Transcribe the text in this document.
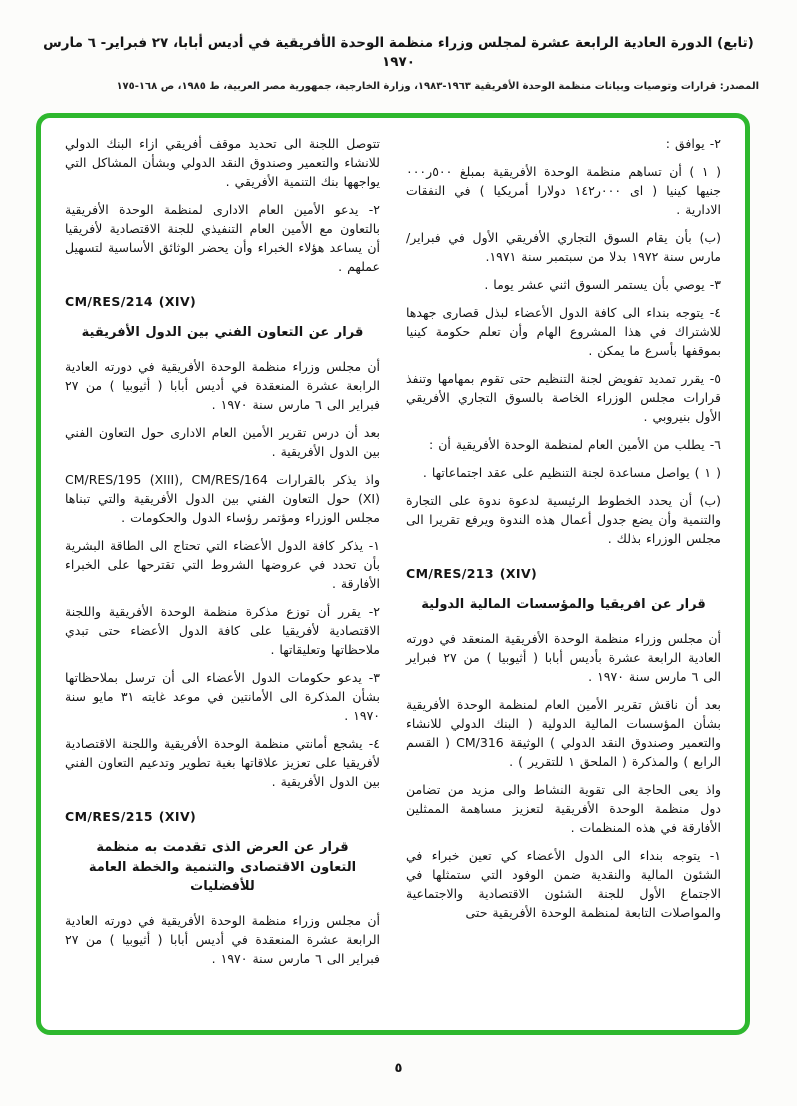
(تابع) الدورة العادية الرابعة عشرة لمجلس وزراء منظمة الوحدة الأفريقية في أديس أبابا، ٢٧ فبراير- ٦ مارس ١٩٧٠
المصدر: قرارات وتوصيات وبيانات منظمة الوحدة الأفريقية ١٩٦٣-١٩٨٣، وزارة الخارجية، جمهورية مصر العربية، ط ١٩٨٥، ص ١٦٨-١٧٥
٢- يوافق :
( ١ ) أن تساهم منظمة الوحدة الأفريقية بمبلغ ٥٠٠ر٠٠٠ جنيها كينيا ( اى ٠٠٠ر١٤٢ دولارا أمريكيا ) في النفقات الادارية .
(ب) بأن يقام السوق التجاري الأفريقي الأول في فبراير/ مارس سنة ١٩٧٢ بدلا من سبتمبر سنة ١٩٧١.
٣- يوصي بأن يستمر السوق اثني عشر يوما .
٤- يتوجه بنداء الى كافة الدول الأعضاء لبذل قصارى جهدها للاشتراك في هذا المشروع الهام وأن تعلم حكومة كينيا بموقفها بأسرع ما يمكن .
٥- يقرر تمديد تفويض لجنة التنظيم حتى تقوم بمهامها وتنفذ قرارات مجلس الوزراء الخاصة بالسوق التجاري الأفريقي الأول بنيروبي .
٦- يطلب من الأمين العام لمنظمة الوحدة الأفريقية أن :
( ١ ) يواصل مساعدة لجنة التنظيم على عقد اجتماعاتها .
(ب) أن يحدد الخطوط الرئيسية لدعوة ندوة على التجارة والتنمية وأن يضع جدول أعمال هذه الندوة ويرفع تقريرا الى مجلس الوزراء بذلك .
CM/RES/213 (XIV)
قرار عن افريقيا والمؤسسات المالية الدولية
أن مجلس وزراء منظمة الوحدة الأفريقية المنعقد في دورته العادية الرابعة عشرة بأديس أبابا ( أثيوبيا ) من ٢٧ فبراير الى ٦ مارس سنة ١٩٧٠ .
بعد أن ناقش تقرير الأمين العام لمنظمة الوحدة الأفريقية بشأن المؤسسات المالية الدولية ( البنك الدولي للانشاء والتعمير وصندوق النقد الدولي ) الوثيقة CM/316 ( القسم الرابع ) والمذكرة ( الملحق ١ للتقرير ) .
واذ يعى الحاجة الى تقوية النشاط والى مزيد من تضامن دول منظمة الوحدة الأفريقية لتعزيز مساهمة الممثلين الأفارقة في هذه المنظمات .
١- يتوجه بنداء الى الدول الأعضاء كي تعين خبراء في الشئون المالية والنقدية ضمن الوفود التي ستمثلها في الاجتماع الأول للجنة الشئون الاقتصادية والاجتماعية والمواصلات التابعة لمنظمة الوحدة الأفريقية حتى
تتوصل اللجنة الى تحديد موقف أفريقي ازاء البنك الدولي للانشاء والتعمير وصندوق النقد الدولي وبشأن المشاكل التي يواجهها بنك التنمية الأفريقي .
٢- يدعو الأمين العام الادارى لمنظمة الوحدة الأفريقية بالتعاون مع الأمين العام التنفيذي للجنة الاقتصادية لأفريقيا أن يساعد هؤلاء الخبراء وأن يحضر الوثائق الأساسية لتسهيل عملهم .
CM/RES/214 (XIV)
قرار عن التعاون الفني بين الدول الأفريقية
أن مجلس وزراء منظمة الوحدة الأفريقية في دورته العادية الرابعة عشرة المنعقدة في أديس أبابا ( أثيوبيا ) من ٢٧ فبراير الى ٦ مارس سنة ١٩٧٠ .
بعد أن درس تقرير الأمين العام الادارى حول التعاون الفني بين الدول الأفريقية .
واذ يذكر بالقرارات ‪CM/RES/195 (XIII),‬ ‪CM/RES/164 (XI)‬ حول التعاون الفني بين الدول الأفريقية والتي تبناها مجلس الوزراء ومؤتمر رؤساء الدول والحكومات .
١- يذكر كافة الدول الأعضاء التي تحتاج الى الطاقة البشرية بأن تحدد في عروضها الشروط التي تقترحها على الخبراء الأفارقة .
٢- يقرر أن توزع مذكرة منظمة الوحدة الأفريقية واللجنة الاقتصادية لأفريقيا على كافة الدول الأعضاء حتى تبدي ملاحظاتها وتعليقاتها .
٣- يدعو حكومات الدول الأعضاء الى أن ترسل بملاحظاتها بشأن المذكرة الى الأمانتين في موعد غايته ٣١ مايو سنة ١٩٧٠ .
٤- يشجع أمانتي منظمة الوحدة الأفريقية واللجنة الاقتصادية لأفريقيا على تعزيز علاقاتها بغية تطوير وتدعيم التعاون الفني بين الدول الأفريقية .
CM/RES/215 (XIV)
قرار عن العرض الذى تقدمت به منظمة التعاون الاقتصادى والتنمية والخطة العامة للأفضليات
أن مجلس وزراء منظمة الوحدة الأفريقية في دورته العادية الرابعة عشرة المنعقدة في أديس أبابا ( أثيوبيا ) من ٢٧ فبراير الى ٦ مارس سنة ١٩٧٠ .
٥
